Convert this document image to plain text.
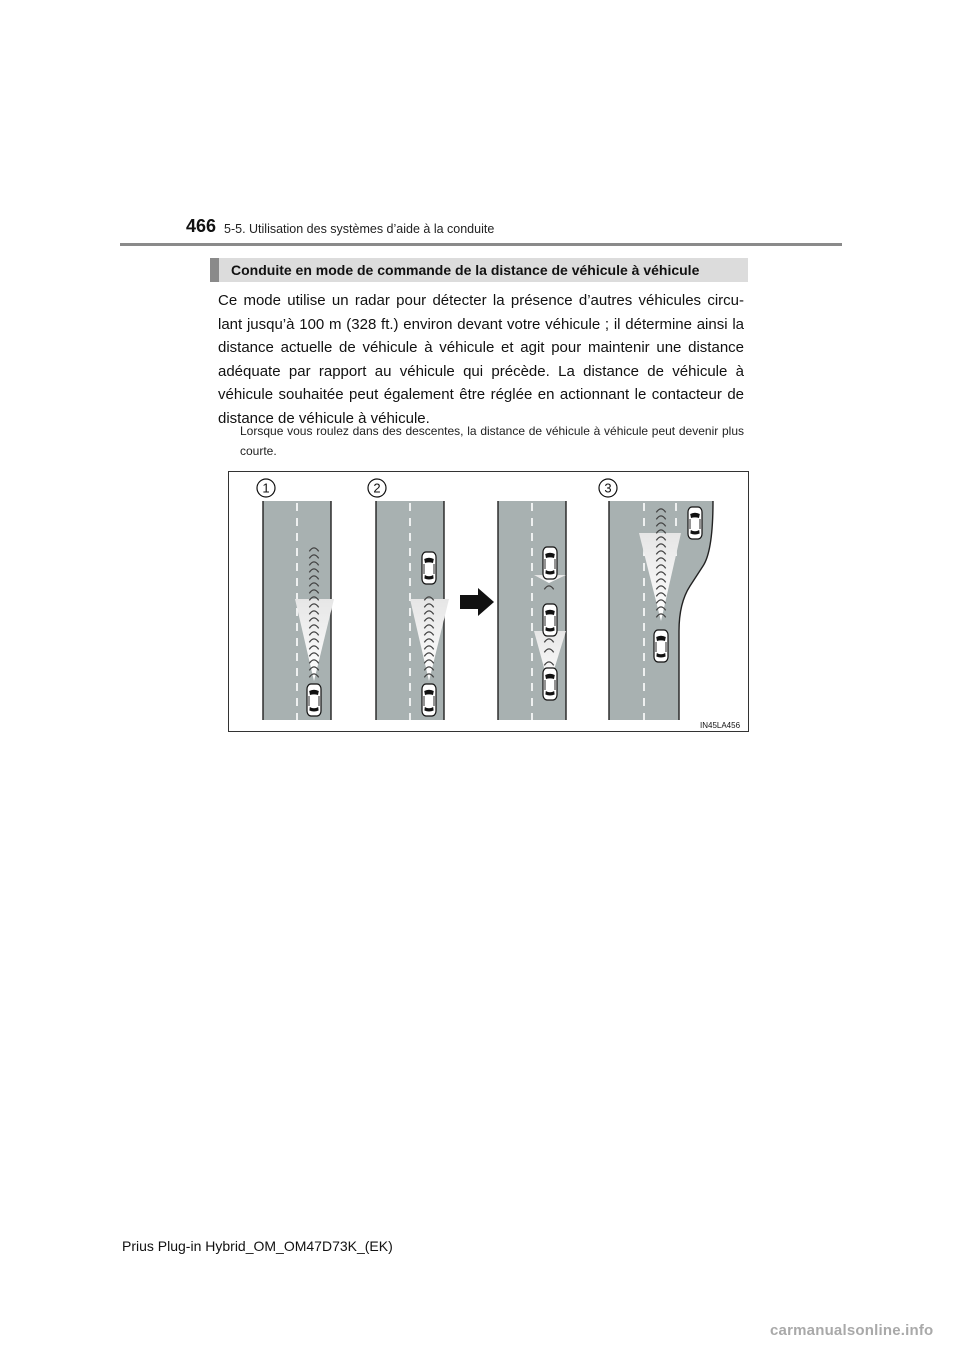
466 5-5. Utilisation des systèmes d’aide à la conduite
Conduite en mode de commande de la distance de véhicule à véhicule

Ce mode utilise un radar pour détecter la présence d’autres véhicules circu-lant jusqu’à 100 m (328 ft.) environ devant votre véhicule ; il détermine ainsi la distance actuelle de véhicule à véhicule et agit pour maintenir une distance adéquate par rapport au véhicule qui précède. La distance de véhicule à véhicule souhaitée peut également être réglée en actionnant le contacteur de distance de véhicule à véhicule.

Lorsque vous roulez dans des descentes, la distance de véhicule à véhicule peut devenir plus courte.

1	2	3
IN45LA456
Prius Plug-in Hybrid_OM_OM47D73K_(EK)
carmanualsonline.info
